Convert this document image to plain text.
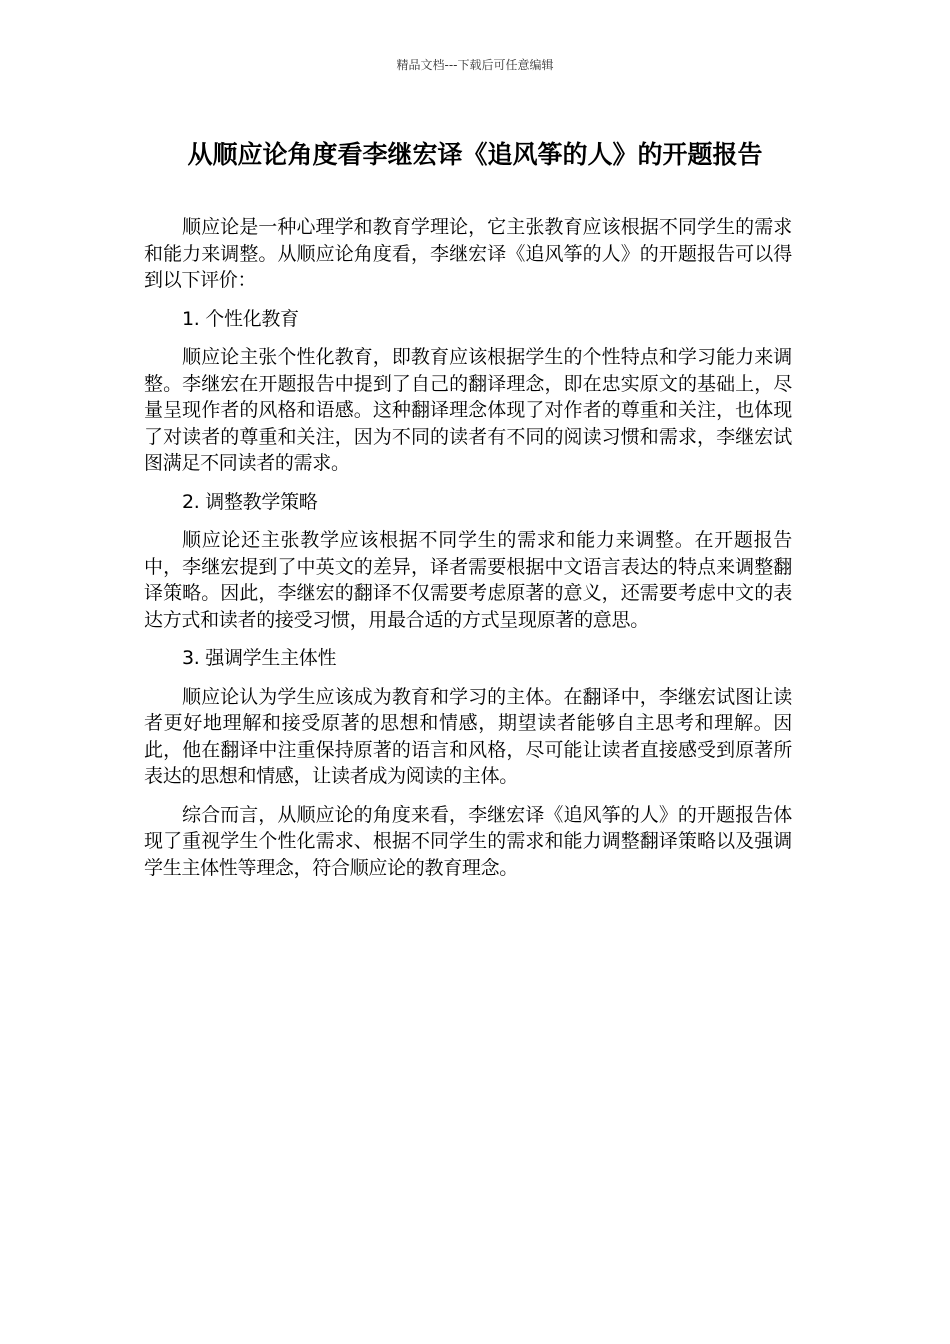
精品文档---下载后可任意编辑
从顺应论角度看李继宏译《追风筝的人》的开题报告

顺应论是一种心理学和教育学理论，它主张教育应该根据不同学生的需求和能力来调整。从顺应论角度看，李继宏译《追风筝的人》的开题报告可以得到以下评价：

1. 个性化教育

顺应论主张个性化教育，即教育应该根据学生的个性特点和学习能力来调整。李继宏在开题报告中提到了自己的翻译理念，即在忠实原文的基础上，尽量呈现作者的风格和语感。这种翻译理念体现了对作者的尊重和关注，也体现了对读者的尊重和关注，因为不同的读者有不同的阅读习惯和需求，李继宏试图满足不同读者的需求。

2. 调整教学策略

顺应论还主张教学应该根据不同学生的需求和能力来调整。在开题报告中，李继宏提到了中英文的差异，译者需要根据中文语言表达的特点来调整翻译策略。因此，李继宏的翻译不仅需要考虑原著的意义，还需要考虑中文的表达方式和读者的接受习惯，用最合适的方式呈现原著的意思。

3. 强调学生主体性

顺应论认为学生应该成为教育和学习的主体。在翻译中，李继宏试图让读者更好地理解和接受原著的思想和情感，期望读者能够自主思考和理解。因此，他在翻译中注重保持原著的语言和风格，尽可能让读者直接感受到原著所表达的思想和情感，让读者成为阅读的主体。

综合而言，从顺应论的角度来看，李继宏译《追风筝的人》的开题报告体现了重视学生个性化需求、根据不同学生的需求和能力调整翻译策略以及强调学生主体性等理念，符合顺应论的教育理念。
